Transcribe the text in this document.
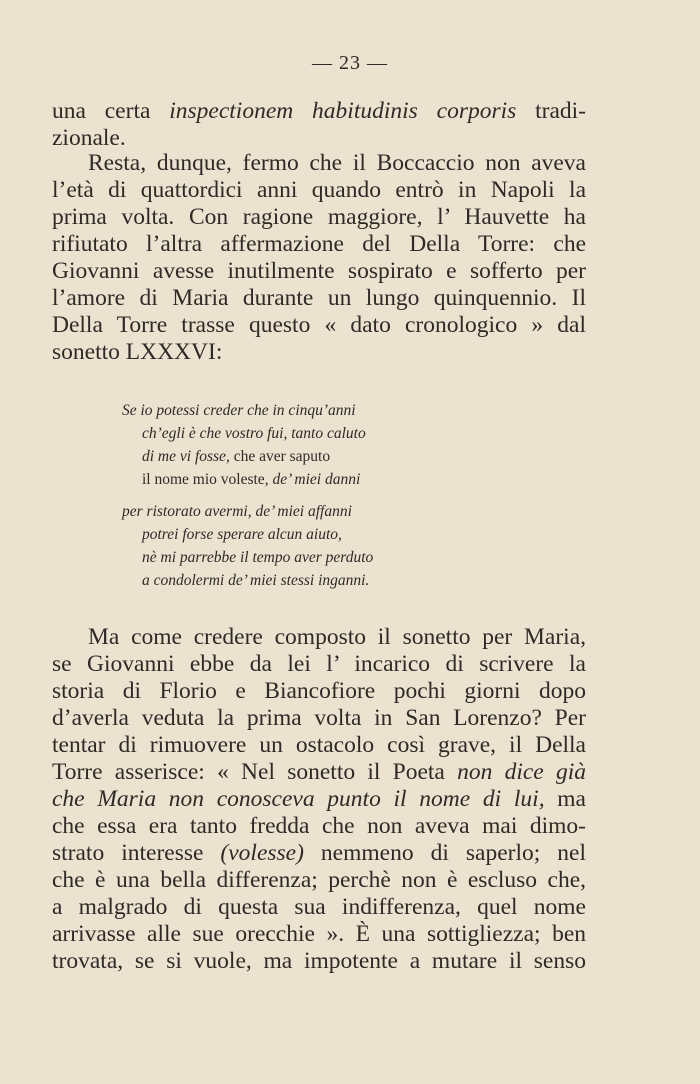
— 23 —
una certa inspectionem habitudinis corporis tradi-
zionale.
Resta, dunque, fermo che il Boccaccio non aveva
l’età di quattordici anni quando entrò in Napoli la
prima volta. Con ragione maggiore, l’ Hauvette ha
rifiutato l’altra affermazione del Della Torre: che
Giovanni avesse inutilmente sospirato e sofferto per
l’amore di Maria durante un lungo quinquennio. Il
Della Torre trasse questo « dato cronologico » dal
sonetto LXXXVI:
Se io potessi creder che in cinqu’anni
ch’egli è che vostro fui, tanto caluto
di me vi fosse, che aver saputo
il nome mio voleste, de’ miei danni
per ristorato avermi, de’ miei affanni
potrei forse sperare alcun aiuto,
nè mi parrebbe il tempo aver perduto
a condolermi de’ miei stessi inganni.
Ma come credere composto il sonetto per Maria,
se Giovanni ebbe da lei l’ incarico di scrivere la
storia di Florio e Biancofiore pochi giorni dopo
d’averla veduta la prima volta in San Lorenzo? Per
tentar di rimuovere un ostacolo così grave, il Della
Torre asserisce: « Nel sonetto il Poeta non dice già
che Maria non conosceva punto il nome di lui, ma
che essa era tanto fredda che non aveva mai dimo-
strato interesse (volesse) nemmeno di saperlo; nel
che è una bella differenza; perchè non è escluso che,
a malgrado di questa sua indifferenza, quel nome
arrivasse alle sue orecchie ». È una sottigliezza; ben
trovata, se si vuole, ma impotente a mutare il senso
